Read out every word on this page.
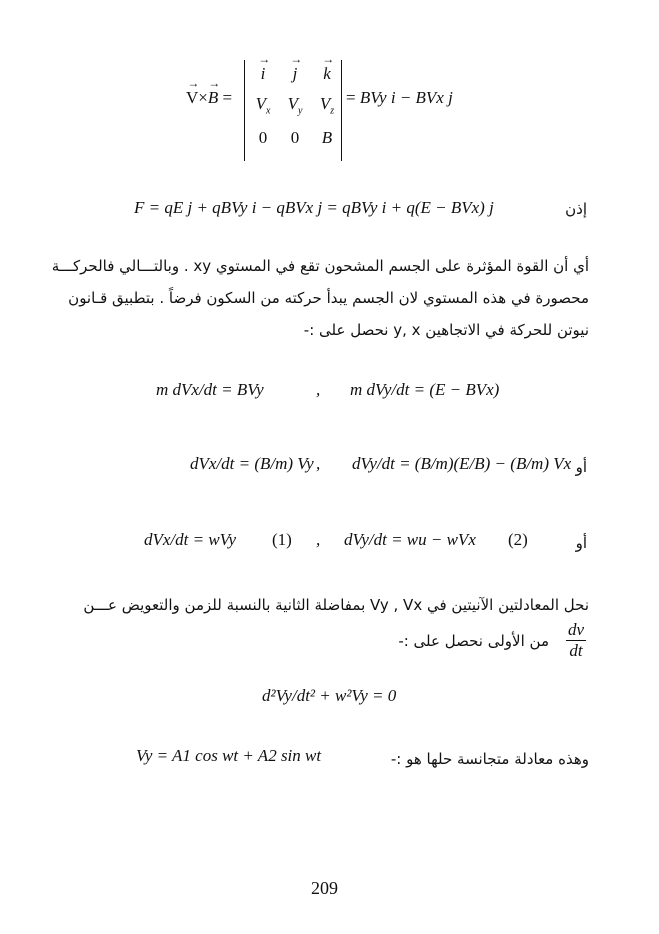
→ V×→ B =
→ i	→ j	→ k
$V_x$	$V_y$	$V_z$
0	0	B
= BVy i − BVx j
F = qE j + qBVy i − qBVx j = qBVy i + q(E − BVx) j	إذن
أي أن القوة المؤثرة على الجسم المشحون تقع في المستوي xy . وبالتـــالي فالحركـــة
محصورة في هذه المستوي لان الجسم يبدأ حركته من السكون فرضاً . بتطبيق قـانون
نيوتن للحركة في الاتجاهين y, x نحصل على :-
m dVx/dt = BVy	, m dVy/dt = (E − BVx)
dVx/dt = (B/m) Vy , dVy/dt = (B/m)(E/B) − (B/m) Vx أو
dVx/dt = wVy (1) , dVy/dt = wu − wVx (2)	أو
نحل المعادلتين الآنيتين في Vy , Vx بمفاضلة الثانية بالنسبة للزمن والتعويض عـــن
$\frac{dv}{dt}$
من الأولى نحصل على :-
d²Vy/dt² + w²Vy = 0
Vy = A1 cos wt + A2 sin wt	وهذه معادلة متجانسة حلها هو :-
209
